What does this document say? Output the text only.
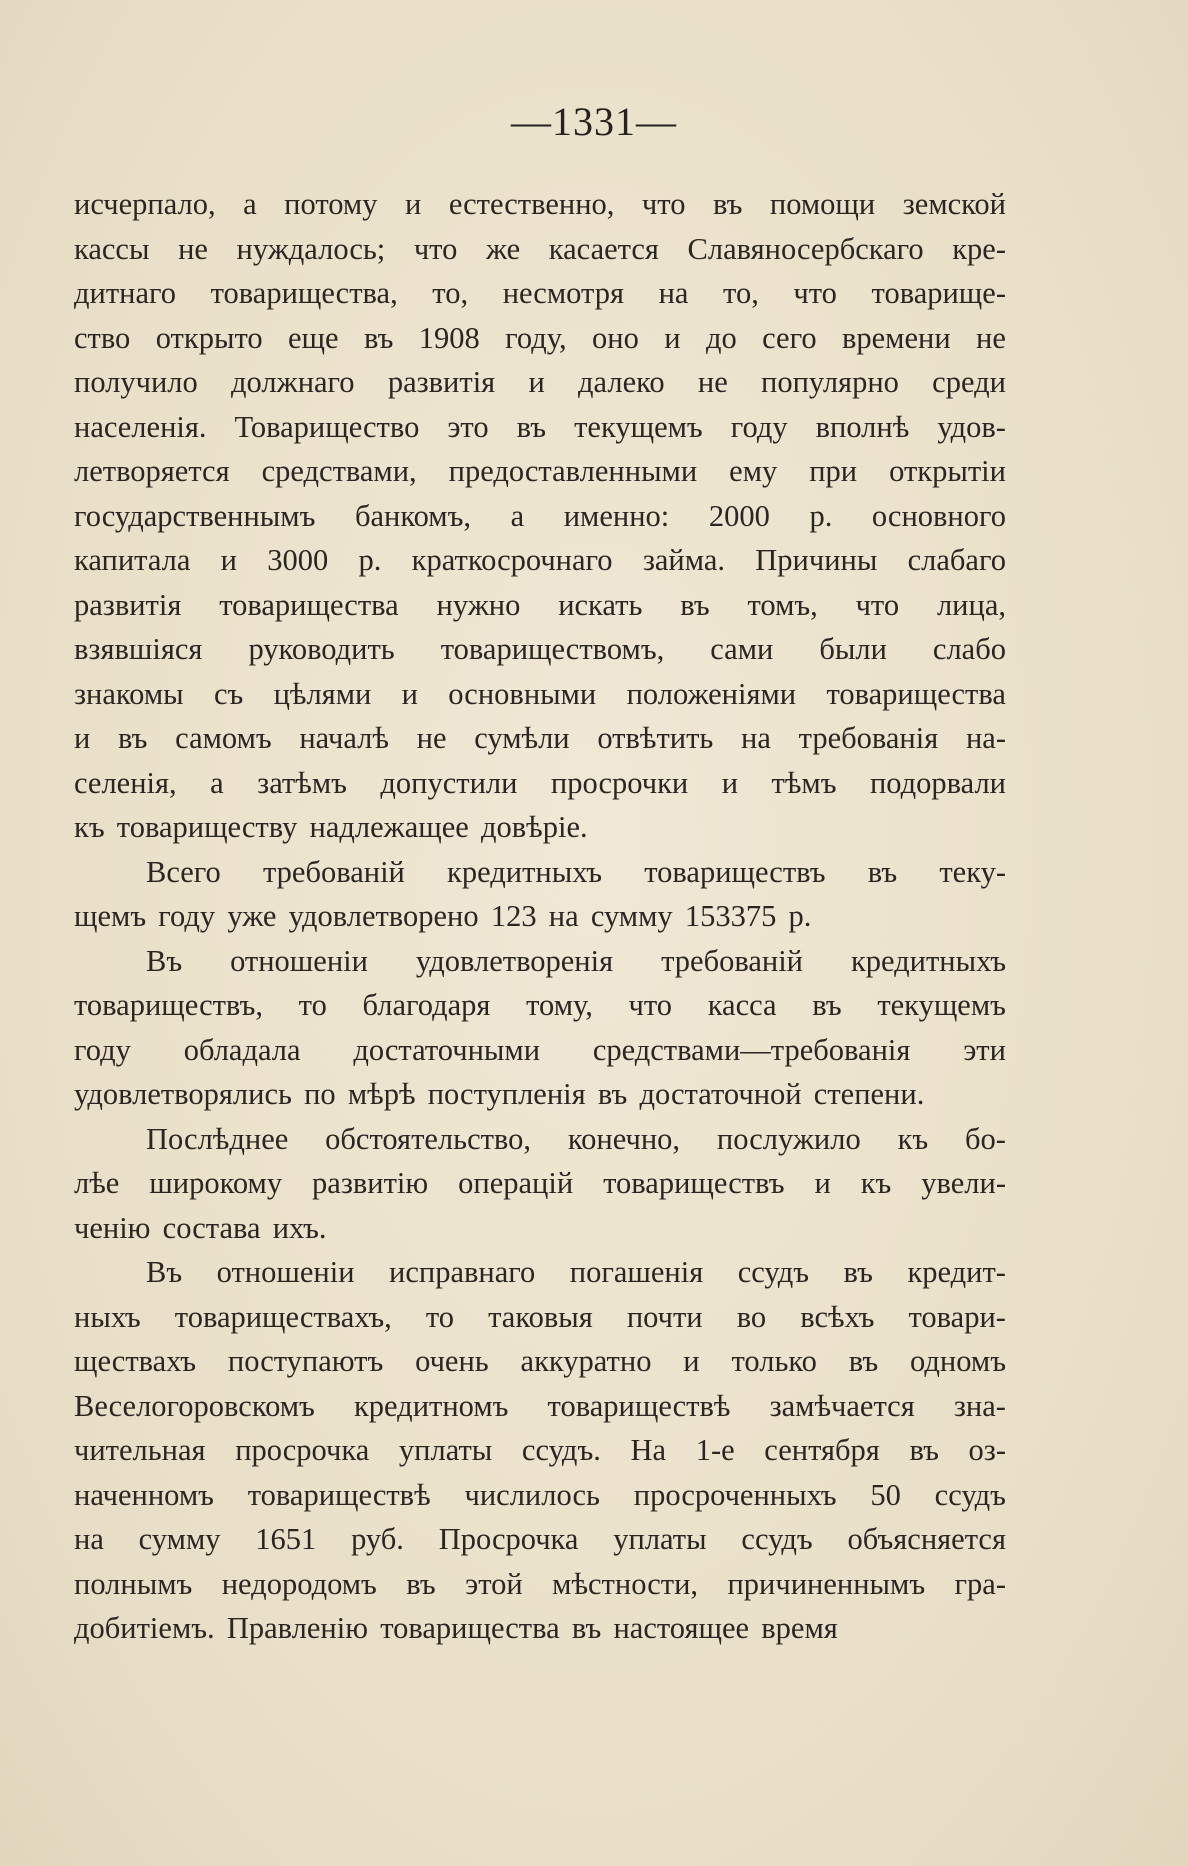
—1331—
исчерпало, а потому и естественно, что въ помощи земской
кассы не нуждалось; что же касается Славяносербскаго кре-
дитнаго товарищества, то, несмотря на то, что товарище-
ство открыто еще въ 1908 году, оно и до сего времени не
получило должнаго развитія и далеко не популярно среди
населенія. Товарищество это въ текущемъ году вполнѣ удов-
летворяется средствами, предоставленными ему при открытіи
государственнымъ банкомъ, а именно: 2000 р. основного
капитала и 3000 р. краткосрочнаго займа. Причины слабаго
развитія товарищества нужно искать въ томъ, что лица,
взявшіяся руководить товариществомъ, сами были слабо
знакомы съ цѣлями и основными положеніями товарищества
и въ самомъ началѣ не сумѣли отвѣтить на требованія на-
селенія, а затѣмъ допустили просрочки и тѣмъ подорвали
къ товариществу надлежащее довѣріе.
Всего требованій кредитныхъ товариществъ въ теку-
щемъ году уже удовлетворено 123 на сумму 153375 р.
Въ отношеніи удовлетворенія требованій кредитныхъ
товариществъ, то благодаря тому, что касса въ текущемъ
году обладала достаточными средствами—требованія эти
удовлетворялись по мѣрѣ поступленія въ достаточной степени.
Послѣднее обстоятельство, конечно, послужило къ бо-
лѣе широкому развитію операцій товариществъ и къ увели-
ченію состава ихъ.
Въ отношеніи исправнаго погашенія ссудъ въ кредит-
ныхъ товариществахъ, то таковыя почти во всѣхъ товари-
ществахъ поступаютъ очень аккуратно и только въ одномъ
Веселогоровскомъ кредитномъ товариществѣ замѣчается зна-
чительная просрочка уплаты ссудъ. На 1-е сентября въ оз-
наченномъ товариществѣ числилось просроченныхъ 50 ссудъ
на сумму 1651 руб. Просрочка уплаты ссудъ объясняется
полнымъ недородомъ въ этой мѣстности, причиненнымъ гра-
добитіемъ. Правленію товарищества въ настоящее время
